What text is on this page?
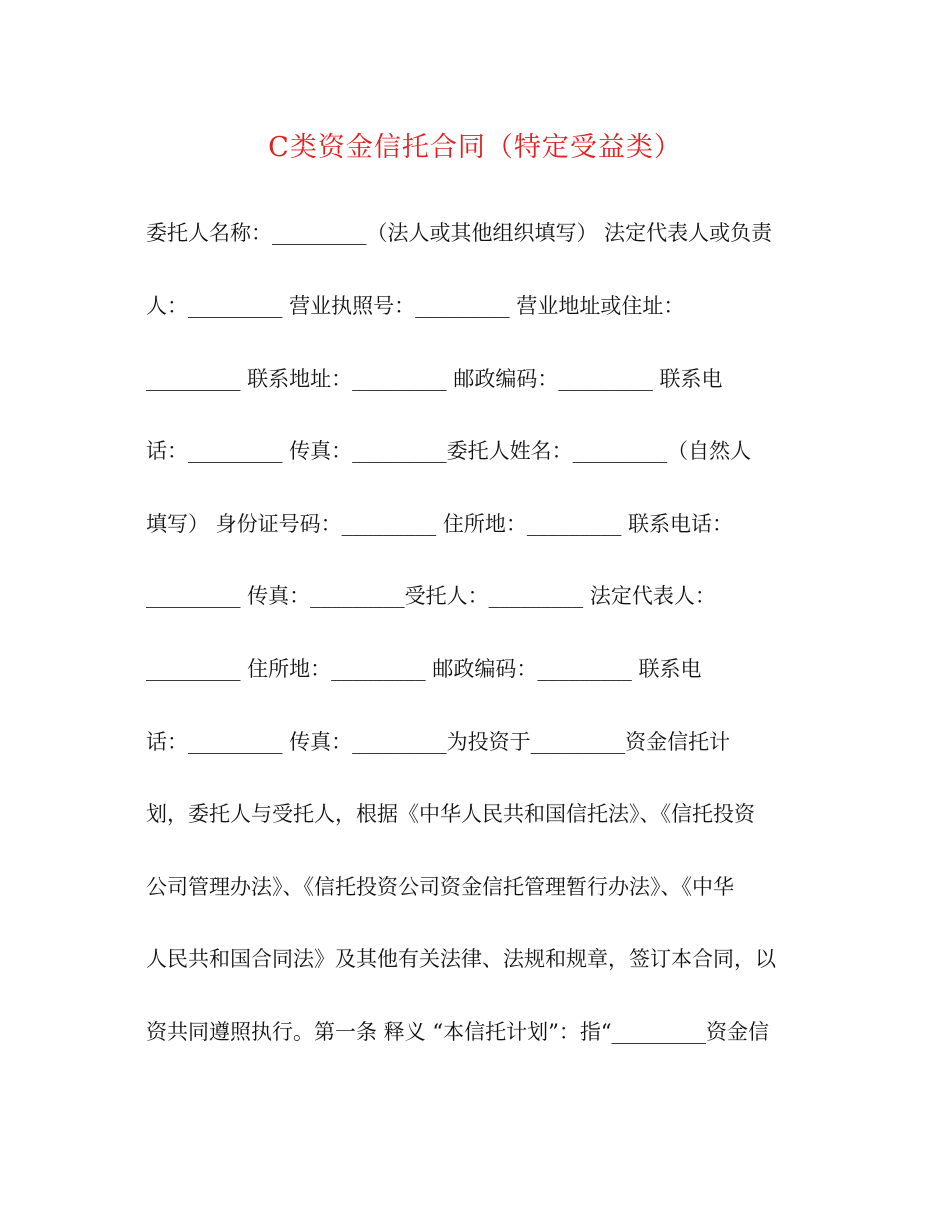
C类资金信托合同（特定受益类）
委托人名称：_________（法人或其他组织填写） 法定代表人或负责
人：_________ 营业执照号：_________ 营业地址或住址：
_________ 联系地址：_________ 邮政编码：_________ 联系电
话：_________ 传真：_________委托人姓名：_________（自然人
填写） 身份证号码：_________ 住所地：_________ 联系电话：
_________ 传真：_________受托人：_________ 法定代表人：
_________ 住所地：_________ 邮政编码：_________ 联系电
话：_________ 传真：_________为投资于_________资金信托计
划，委托人与受托人，根据《中华人民共和国信托法》、《信托投资
公司管理办法》、《信托投资公司资金信托管理暂行办法》、《中华
人民共和国合同法》及其他有关法律、法规和规章，签订本合同，以
资共同遵照执行。第一条 释义 “本信托计划”：指“_________资金信
